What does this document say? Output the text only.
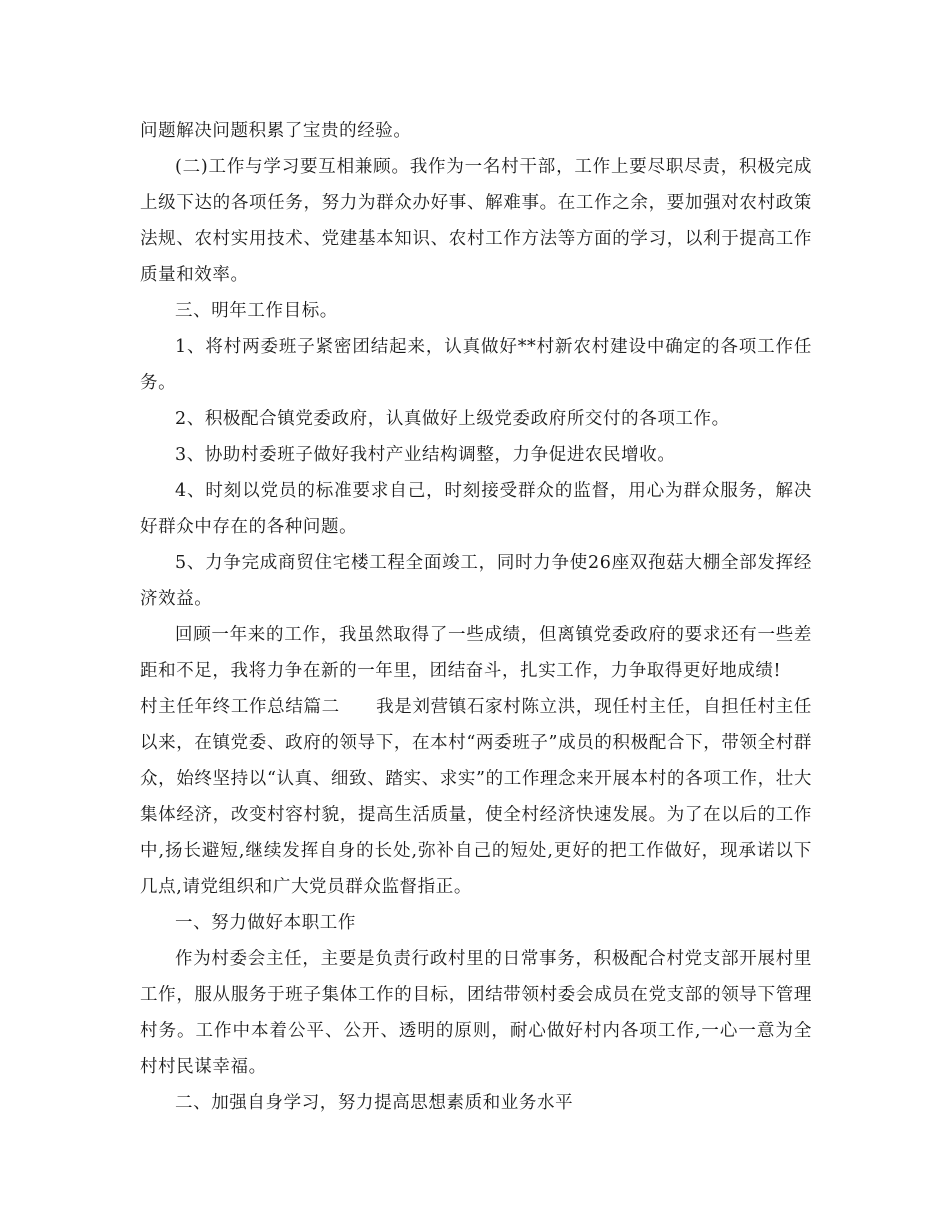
问题解决问题积累了宝贵的经验。

(二)工作与学习要互相兼顾。我作为一名村干部，工作上要尽职尽责，积极完成上级下达的各项任务，努力为群众办好事、解难事。在工作之余，要加强对农村政策法规、农村实用技术、党建基本知识、农村工作方法等方面的学习，以利于提高工作质量和效率。

三、明年工作目标。

1、将村两委班子紧密团结起来，认真做好**村新农村建设中确定的各项工作任务。

2、积极配合镇党委政府，认真做好上级党委政府所交付的各项工作。

3、协助村委班子做好我村产业结构调整，力争促进农民增收。

4、时刻以党员的标准要求自己，时刻接受群众的监督，用心为群众服务，解决好群众中存在的各种问题。

5、力争完成商贸住宅楼工程全面竣工，同时力争使26座双孢菇大棚全部发挥经济效益。

回顾一年来的工作，我虽然取得了一些成绩，但离镇党委政府的要求还有一些差距和不足，我将力争在新的一年里，团结奋斗，扎实工作，力争取得更好地成绩!

村主任年终工作总结篇二　　我是刘营镇石家村陈立洪，现任村主任，自担任村主任以来，在镇党委、政府的领导下，在本村“两委班子”成员的积极配合下，带领全村群众，始终坚持以“认真、细致、踏实、求实”的工作理念来开展本村的各项工作，壮大集体经济，改变村容村貌，提高生活质量，使全村经济快速发展。为了在以后的工作中,扬长避短,继续发挥自身的长处,弥补自己的短处,更好的把工作做好，现承诺以下几点,请党组织和广大党员群众监督指正。

一、努力做好本职工作

作为村委会主任，主要是负责行政村里的日常事务，积极配合村党支部开展村里工作，服从服务于班子集体工作的目标，团结带领村委会成员在党支部的领导下管理村务。工作中本着公平、公开、透明的原则，耐心做好村内各项工作,一心一意为全村村民谋幸福。

二、加强自身学习，努力提高思想素质和业务水平
